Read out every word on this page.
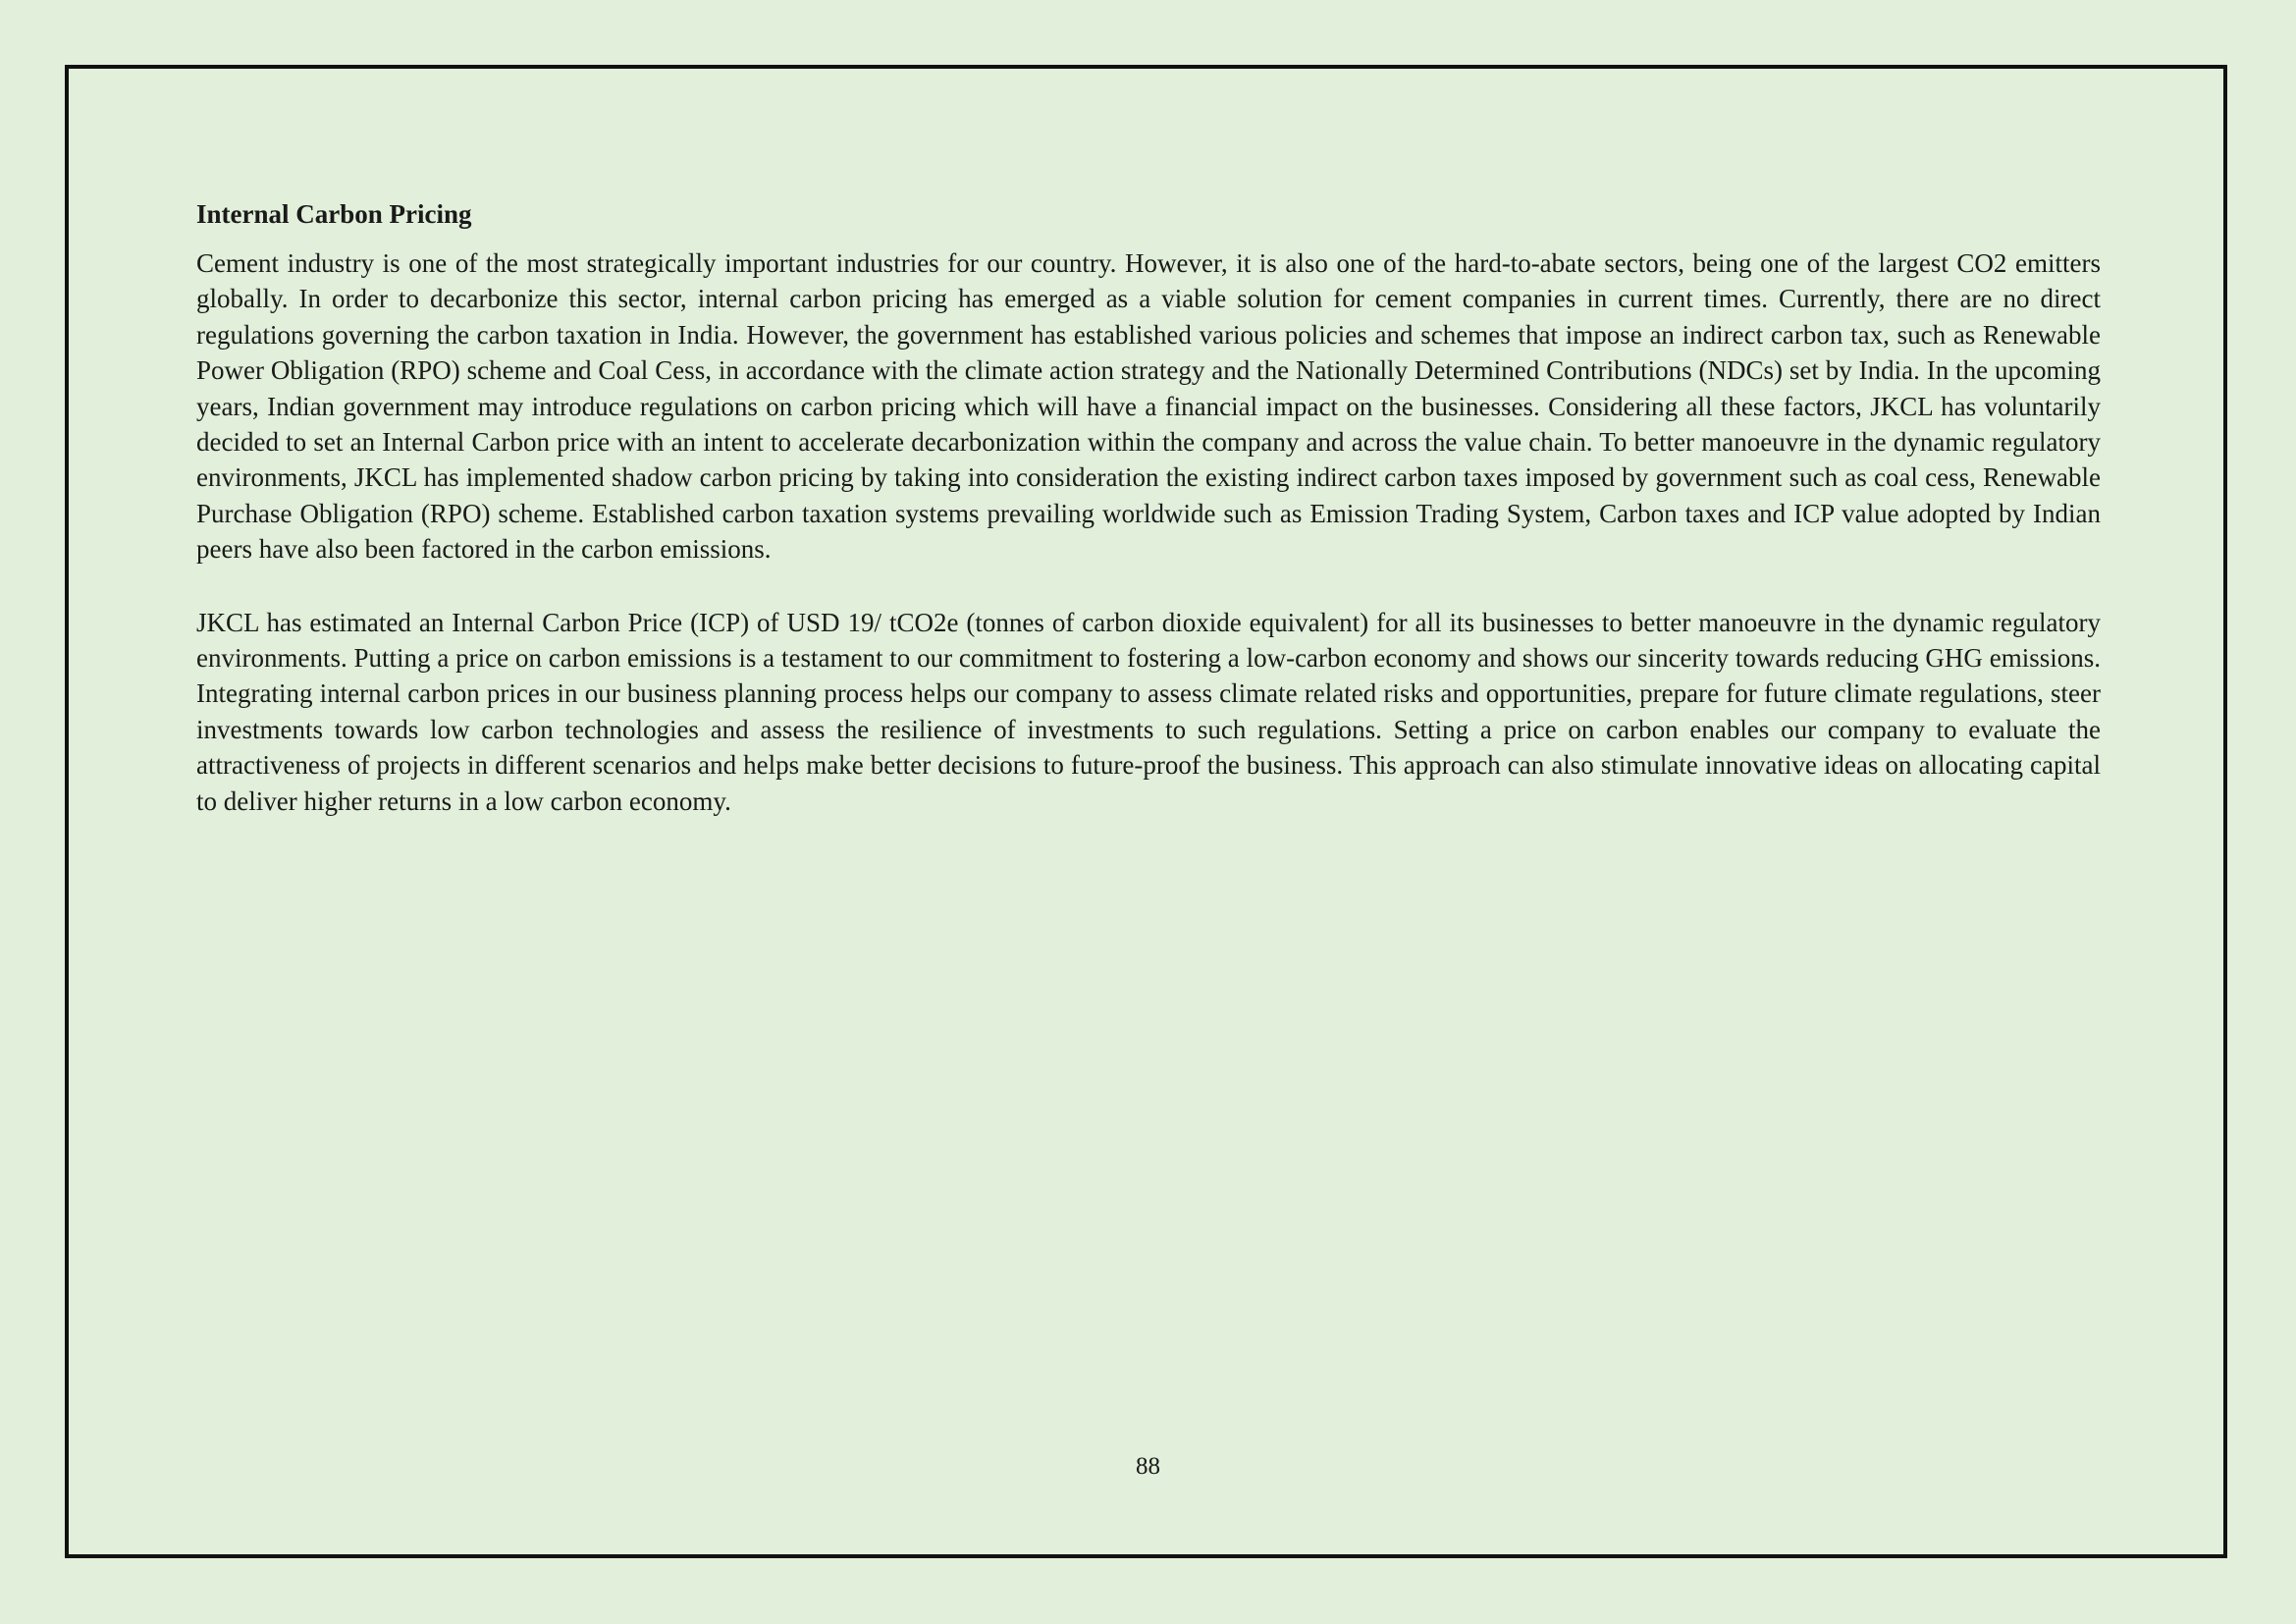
Internal Carbon Pricing

Cement industry is one of the most strategically important industries for our country. However, it is also one of the hard-to-abate sectors, being one of the largest CO2 emitters globally. In order to decarbonize this sector, internal carbon pricing has emerged as a viable solution for cement companies in current times. Currently, there are no direct regulations governing the carbon taxation in India. However, the government has established various policies and schemes that impose an indirect carbon tax, such as Renewable Power Obligation (RPO) scheme and Coal Cess, in accordance with the climate action strategy and the Nationally Determined Contributions (NDCs) set by India. In the upcoming years, Indian government may introduce regulations on carbon pricing which will have a financial impact on the businesses. Considering all these factors, JKCL has voluntarily decided to set an Internal Carbon price with an intent to accelerate decarbonization within the company and across the value chain. To better manoeuvre in the dynamic regulatory environments, JKCL has implemented shadow carbon pricing by taking into consideration the existing indirect carbon taxes imposed by government such as coal cess, Renewable Purchase Obligation (RPO) scheme. Established carbon taxation systems prevailing worldwide such as Emission Trading System, Carbon taxes and ICP value adopted by Indian peers have also been factored in the carbon emissions.

JKCL has estimated an Internal Carbon Price (ICP) of USD 19/ tCO2e (tonnes of carbon dioxide equivalent) for all its businesses to better manoeuvre in the dynamic regulatory environments. Putting a price on carbon emissions is a testament to our commitment to fostering a low-carbon economy and shows our sincerity towards reducing GHG emissions. Integrating internal carbon prices in our business planning process helps our company to assess climate related risks and opportunities, prepare for future climate regulations, steer investments towards low carbon technologies and assess the resilience of investments to such regulations. Setting a price on carbon enables our company to evaluate the attractiveness of projects in different scenarios and helps make better decisions to future-proof the business. This approach can also stimulate innovative ideas on allocating capital to deliver higher returns in a low carbon economy.

88
